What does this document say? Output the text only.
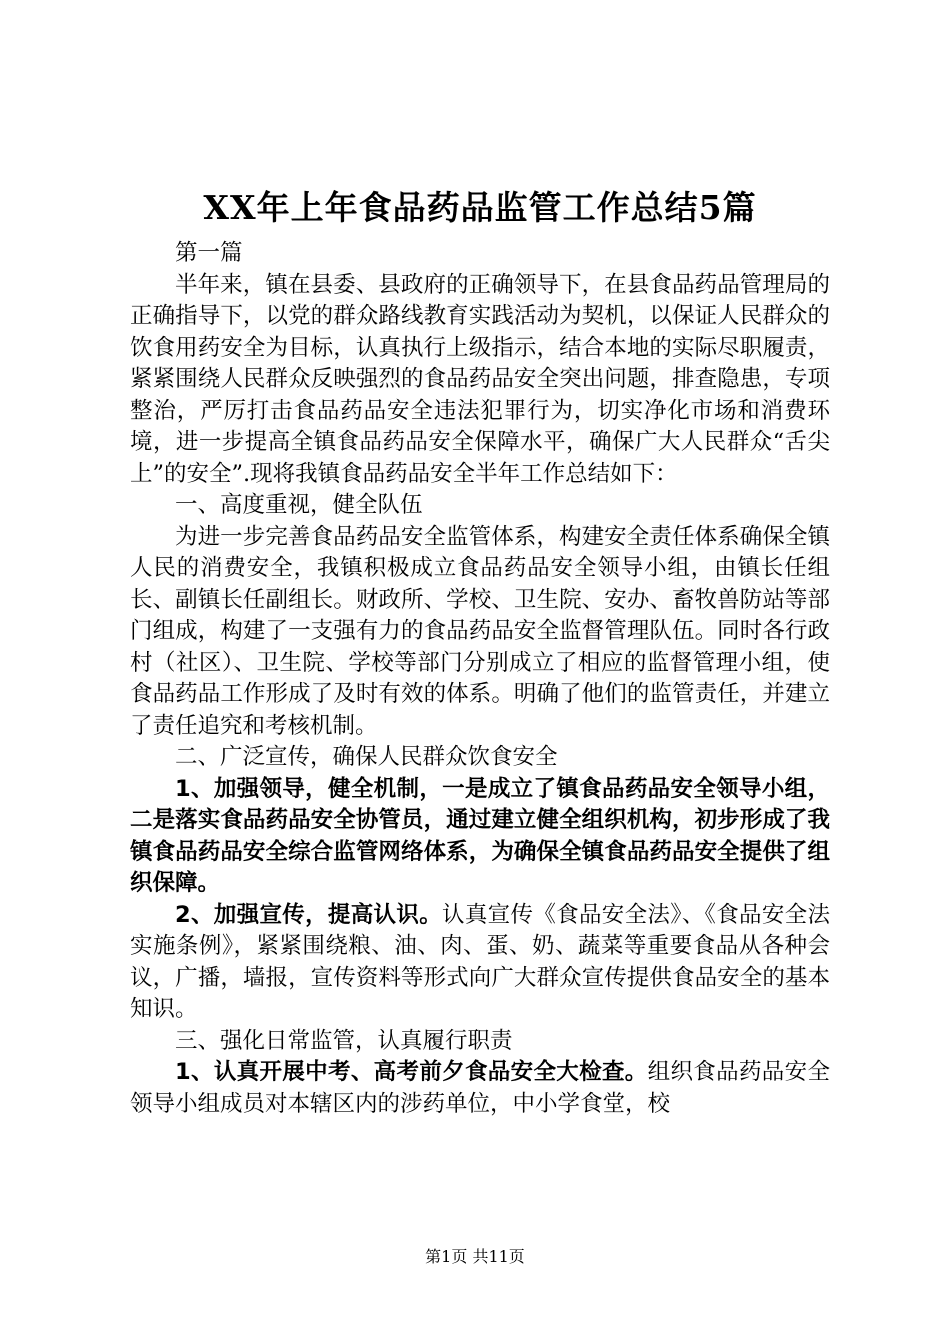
XX年上年食品药品监管工作总结5篇

第一篇

半年来，镇在县委、县政府的正确领导下，在县食品药品管理局的正确指导下，以党的群众路线教育实践活动为契机，以保证人民群众的饮食用药安全为目标，认真执行上级指示，结合本地的实际尽职履责，紧紧围绕人民群众反映强烈的食品药品安全突出问题，排查隐患，专项整治，严厉打击食品药品安全违法犯罪行为，切实净化市场和消费环境，进一步提高全镇食品药品安全保障水平，确保广大人民群众“舌尖上”的安全”.现将我镇食品药品安全半年工作总结如下：

一、高度重视，健全队伍

为进一步完善食品药品安全监管体系，构建安全责任体系确保全镇人民的消费安全，我镇积极成立食品药品安全领导小组，由镇长任组长、副镇长任副组长。财政所、学校、卫生院、安办、畜牧兽防站等部门组成，构建了一支强有力的食品药品安全监督管理队伍。同时各行政村（社区）、卫生院、学校等部门分别成立了相应的监督管理小组，使食品药品工作形成了及时有效的体系。明确了他们的监管责任，并建立了责任追究和考核机制。

二、广泛宣传，确保人民群众饮食安全

1、加强领导，健全机制，一是成立了镇食品药品安全领导小组，二是落实食品药品安全协管员，通过建立健全组织机构，初步形成了我镇食品药品安全综合监管网络体系，为确保全镇食品药品安全提供了组织保障。

2、加强宣传，提高认识。认真宣传《食品安全法》、《食品安全法实施条例》，紧紧围绕粮、油、肉、蛋、奶、蔬菜等重要食品从各种会议，广播，墙报，宣传资料等形式向广大群众宣传提供食品安全的基本知识。

三、强化日常监管，认真履行职责

1、认真开展中考、高考前夕食品安全大检查。组织食品药品安全领导小组成员对本辖区内的涉药单位，中小学食堂，校

第1页 共11页
